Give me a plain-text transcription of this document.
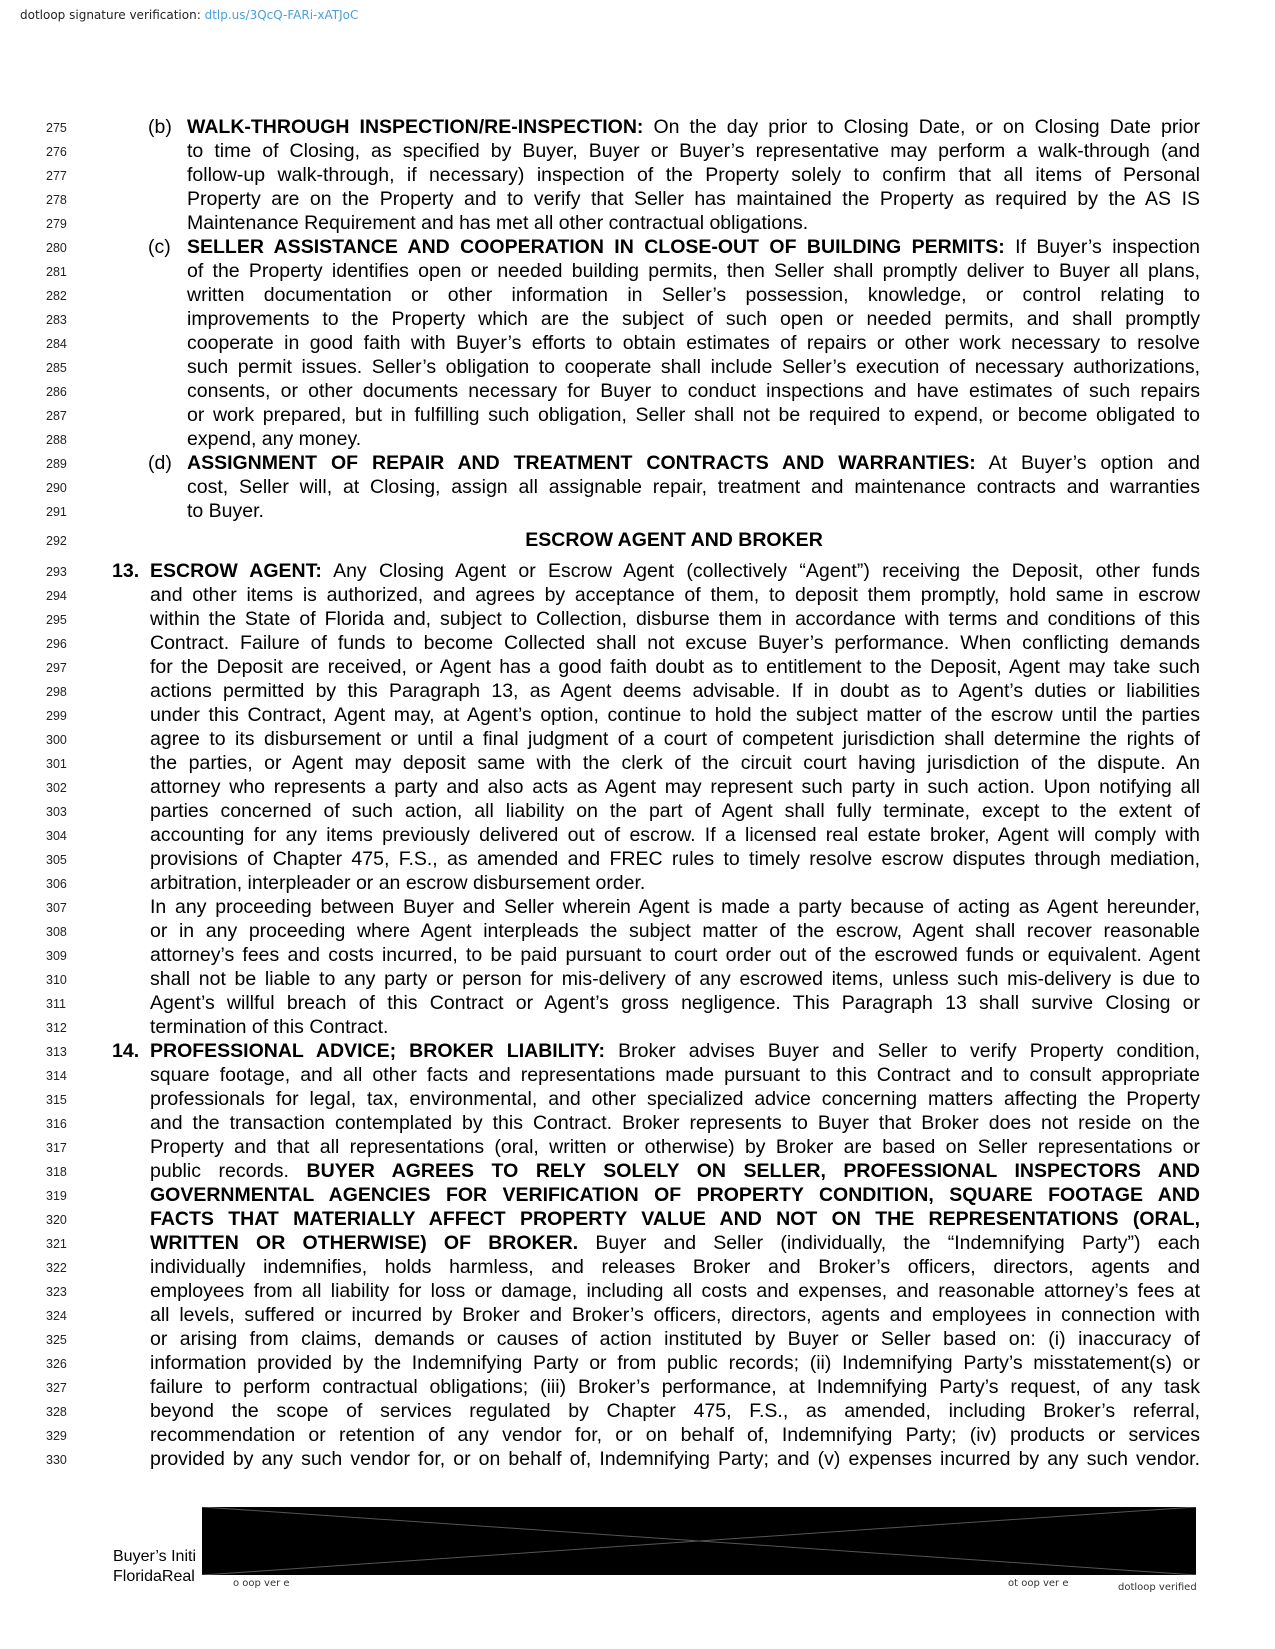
dotloop signature verification: dtlp.us/3QcQ-FARi-xATJoC
275	(b) WALK-THROUGH INSPECTION/RE-INSPECTION: On the day prior to Closing Date, or on Closing Date prior
276	to time of Closing, as specified by Buyer, Buyer or Buyer’s representative may perform a walk-through (and
277	follow-up walk-through, if necessary) inspection of the Property solely to confirm that all items of Personal
278	Property are on the Property and to verify that Seller has maintained the Property as required by the AS IS
279	Maintenance Requirement and has met all other contractual obligations.
280	(c) SELLER ASSISTANCE AND COOPERATION IN CLOSE-OUT OF BUILDING PERMITS: If Buyer’s inspection
281	of the Property identifies open or needed building permits, then Seller shall promptly deliver to Buyer all plans,
282	written documentation or other information in Seller’s possession, knowledge, or control relating to
283	improvements to the Property which are the subject of such open or needed permits, and shall promptly
284	cooperate in good faith with Buyer’s efforts to obtain estimates of repairs or other work necessary to resolve
285	such permit issues. Seller’s obligation to cooperate shall include Seller’s execution of necessary authorizations,
286	consents, or other documents necessary for Buyer to conduct inspections and have estimates of such repairs
287	or work prepared, but in fulfilling such obligation, Seller shall not be required to expend, or become obligated to
288	expend, any money.
289	(d) ASSIGNMENT OF REPAIR AND TREATMENT CONTRACTS AND WARRANTIES: At Buyer’s option and
290	cost, Seller will, at Closing, assign all assignable repair, treatment and maintenance contracts and warranties
291	to Buyer.
292	ESCROW AGENT AND BROKER
293	13. ESCROW AGENT: Any Closing Agent or Escrow Agent (collectively “Agent”) receiving the Deposit, other funds
294	and other items is authorized, and agrees by acceptance of them, to deposit them promptly, hold same in escrow
295	within the State of Florida and, subject to Collection, disburse them in accordance with terms and conditions of this
296	Contract. Failure of funds to become Collected shall not excuse Buyer’s performance. When conflicting demands
297	for the Deposit are received, or Agent has a good faith doubt as to entitlement to the Deposit, Agent may take such
298	actions permitted by this Paragraph 13, as Agent deems advisable. If in doubt as to Agent’s duties or liabilities
299	under this Contract, Agent may, at Agent’s option, continue to hold the subject matter of the escrow until the parties
300	agree to its disbursement or until a final judgment of a court of competent jurisdiction shall determine the rights of
301	the parties, or Agent may deposit same with the clerk of the circuit court having jurisdiction of the dispute. An
302	attorney who represents a party and also acts as Agent may represent such party in such action. Upon notifying all
303	parties concerned of such action, all liability on the part of Agent shall fully terminate, except to the extent of
304	accounting for any items previously delivered out of escrow. If a licensed real estate broker, Agent will comply with
305	provisions of Chapter 475, F.S., as amended and FREC rules to timely resolve escrow disputes through mediation,
306	arbitration, interpleader or an escrow disbursement order.
307	In any proceeding between Buyer and Seller wherein Agent is made a party because of acting as Agent hereunder,
308	or in any proceeding where Agent interpleads the subject matter of the escrow, Agent shall recover reasonable
309	attorney’s fees and costs incurred, to be paid pursuant to court order out of the escrowed funds or equivalent. Agent
310	shall not be liable to any party or person for mis-delivery of any escrowed items, unless such mis-delivery is due to
311	Agent’s willful breach of this Contract or Agent’s gross negligence. This Paragraph 13 shall survive Closing or
312	termination of this Contract.
313	14. PROFESSIONAL ADVICE; BROKER LIABILITY: Broker advises Buyer and Seller to verify Property condition,
314	square footage, and all other facts and representations made pursuant to this Contract and to consult appropriate
315	professionals for legal, tax, environmental, and other specialized advice concerning matters affecting the Property
316	and the transaction contemplated by this Contract. Broker represents to Buyer that Broker does not reside on the
317	Property and that all representations (oral, written or otherwise) by Broker are based on Seller representations or
318	public records. BUYER AGREES TO RELY SOLELY ON SELLER, PROFESSIONAL INSPECTORS AND
319	GOVERNMENTAL AGENCIES FOR VERIFICATION OF PROPERTY CONDITION, SQUARE FOOTAGE AND
320	FACTS THAT MATERIALLY AFFECT PROPERTY VALUE AND NOT ON THE REPRESENTATIONS (ORAL,
321	WRITTEN OR OTHERWISE) OF BROKER. Buyer and Seller (individually, the “Indemnifying Party”) each
322	individually indemnifies, holds harmless, and releases Broker and Broker’s officers, directors, agents and
323	employees from all liability for loss or damage, including all costs and expenses, and reasonable attorney’s fees at
324	all levels, suffered or incurred by Broker and Broker’s officers, directors, agents and employees in connection with
325	or arising from claims, demands or causes of action instituted by Buyer or Seller based on: (i) inaccuracy of
326	information provided by the Indemnifying Party or from public records; (ii) Indemnifying Party’s misstatement(s) or
327	failure to perform contractual obligations; (iii) Broker’s performance, at Indemnifying Party’s request, of any task
328	beyond the scope of services regulated by Chapter 475, F.S., as amended, including Broker’s referral,
329	recommendation or retention of any vendor for, or on behalf of, Indemnifying Party; (iv) products or services
330	provided by any such vendor for, or on behalf of, Indemnifying Party; and (v) expenses incurred by any such vendor.
Buyer’s Initi
FloridaReal	o oop ver e	ot oop ver e	dotloop verified
